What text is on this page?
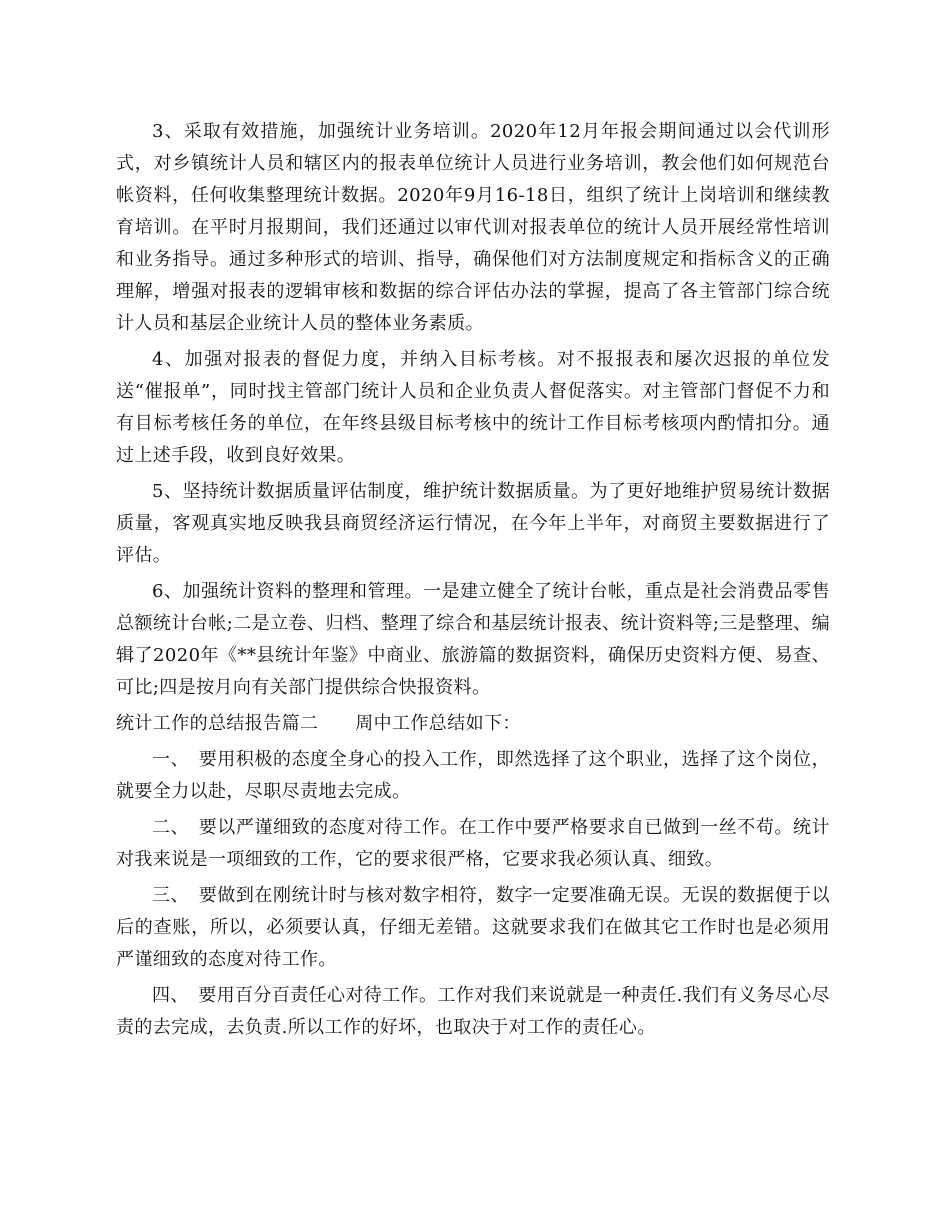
3、采取有效措施，加强统计业务培训。2020年12月年报会期间通过以会代训形式，对乡镇统计人员和辖区内的报表单位统计人员进行业务培训，教会他们如何规范台帐资料，任何收集整理统计数据。2020年9月16-18日，组织了统计上岗培训和继续教育培训。在平时月报期间，我们还通过以审代训对报表单位的统计人员开展经常性培训和业务指导。通过多种形式的培训、指导，确保他们对方法制度规定和指标含义的正确理解，增强对报表的逻辑审核和数据的综合评估办法的掌握，提高了各主管部门综合统计人员和基层企业统计人员的整体业务素质。

4、加强对报表的督促力度，并纳入目标考核。对不报报表和屡次迟报的单位发送“催报单”，同时找主管部门统计人员和企业负责人督促落实。对主管部门督促不力和有目标考核任务的单位，在年终县级目标考核中的统计工作目标考核项内酌情扣分。通过上述手段，收到良好效果。

5、坚持统计数据质量评估制度，维护统计数据质量。为了更好地维护贸易统计数据质量，客观真实地反映我县商贸经济运行情况，在今年上半年，对商贸主要数据进行了评估。

6、加强统计资料的整理和管理。一是建立健全了统计台帐，重点是社会消费品零售总额统计台帐;二是立卷、归档、整理了综合和基层统计报表、统计资料等;三是整理、编辑了2020年《**县统计年鉴》中商业、旅游篇的数据资料，确保历史资料方便、易查、可比;四是按月向有关部门提供综合快报资料。

统计工作的总结报告篇二　　周中工作总结如下：

一、　要用积极的态度全身心的投入工作，即然选择了这个职业，选择了这个岗位，就要全力以赴，尽职尽责地去完成。

二、　要以严谨细致的态度对待工作。在工作中要严格要求自已做到一丝不苟。统计对我来说是一项细致的工作，它的要求很严格，它要求我必须认真、细致。

三、　要做到在刚统计时与核对数字相符，数字一定要准确无误。无误的数据便于以后的查账，所以，必须要认真，仔细无差错。这就要求我们在做其它工作时也是必须用严谨细致的态度对待工作。

四、　要用百分百责任心对待工作。工作对我们来说就是一种责任.我们有义务尽心尽责的去完成，去负责.所以工作的好坏，也取决于对工作的责任心。
